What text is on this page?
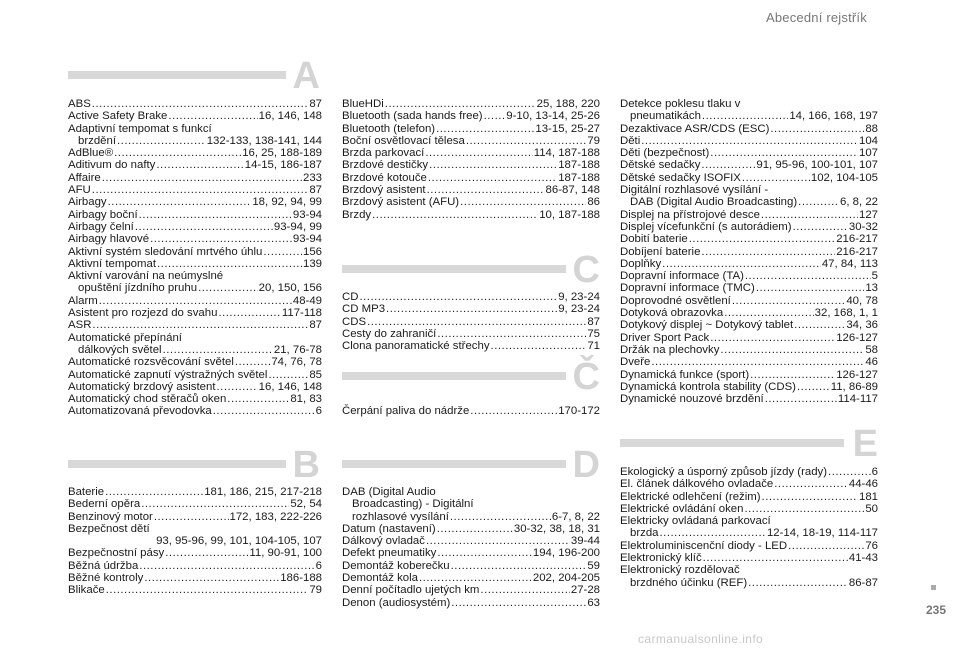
Abecední rejstřík
A
B
C
Č
D	E
ABS .....	87
Active Safety Brake .....	16, 146, 148
Adaptivní tempomat s funkcí
brzdění .....	132-133, 138-141, 144
AdBlue® .....	16, 25, 188-189
Aditivum do nafty .....	14-15, 186-187
Affaire .....	233
AFU .....	87
Airbagy .....	18, 92, 94, 99
Airbagy boční .....	93-94
Airbagy čelní .....	93-94, 99
Airbagy hlavové .....	93-94
Aktivní systém sledování mrtvého úhlu .....	156
Aktivní tempomat .....	139
Aktivní varování na neúmyslné
opuštění jízdního pruhu .....	20, 150, 156
Alarm .....	48-49
Asistent pro rozjezd do svahu .....	117-118
ASR .....	87
Automatické přepínání
dálkových světel .....	21, 76-78
Automatické rozsvěcování světel .....	74, 76, 78
Automatické zapnutí výstražných světel .....	85
Automatický brzdový asistent .....	16, 146, 148
Automatický chod stěračů oken .....	81, 83
Automatizovaná převodovka .....	6
Baterie .....	181, 186, 215, 217-218
Bederní opěra .....	52, 54
Benzinový motor .....	172, 183, 222-226
Bezpečnost dětí
93, 95-96, 99, 101, 104-105, 107
Bezpečnostní pásy .....	11, 90-91, 100
Běžná údržba .....	6
Běžné kontroly .....	186-188
Blikače .....	79
BlueHDi .....	25, 188, 220
Bluetooth (sada hands free) ..... 9-10, 13-14, 25-26
Bluetooth (telefon) .....	13-15, 25-27
Boční osvětlovací tělesa .....	79
Brzda parkovací .....	114, 187-188
Brzdové destičky .....	187-188
Brzdové kotouče .....	187-188
Brzdový asistent .....	86-87, 148
Brzdový asistent (AFU) .....	86
Brzdy .....	10, 187-188
CD .....	9, 23-24
CD MP3 .....	9, 23-24
CDS .....	87
Cesty do zahraničí .....	75
Clona panoramatické střechy .....	71
Čerpání paliva do nádrže .....	170-172
DAB (Digital Audio
Broadcasting) - Digitální
rozhlasové vysílání .....	6-7, 8, 22
Datum (nastavení) .....	30-32, 38, 18, 31
Dálkový ovladač .....	39-44
Defekt pneumatiky .....	194, 196-200
Demontáž koberečku .....	59
Demontáž kola .....	202, 204-205
Denní počítadlo ujetých km .....	27-28
Denon (audiosystém) .....	63
Detekce poklesu tlaku v
pneumatikách .....	14, 166, 168, 197
Dezaktivace ASR/CDS (ESC) .....	88
Děti .....	104
Děti (bezpečnost) .....	107
Dětské sedačky .....	91, 95-96, 100-101, 107
Dětské sedačky ISOFIX .....	102, 104-105
Digitální rozhlasové vysílání -
DAB (Digital Audio Broadcasting) .....	6, 8, 22
Displej na přístrojové desce .....	127
Displej vícefunkční (s autorádiem) .....	30-32
Dobití baterie .....	216-217
Dobíjení baterie .....	216-217
Doplňky .....	47, 84, 113
Dopravní informace (TA) .....	5
Dopravní informace (TMC) .....	13
Doprovodné osvětlení .....	40, 78
Dotyková obrazovka .....	32, 168, 1, 1
Dotykový displej ~ Dotykový tablet .....	34, 36
Driver Sport Pack .....	126-127
Držák na plechovky .....	58
Dveře .....	46
Dynamická funkce (sport) .....	126-127
Dynamická kontrola stability (CDS) .....	11, 86-89
Dynamické nouzové brzdění .....	114-117
Ekologický a úsporný způsob jízdy (rady) .....	6
El. článek dálkového ovladače .....	44-46
Elektrické odlehčení (režim) .....	181
Elektrické ovládání oken .....	50
Elektricky ovládaná parkovací
brzda .....	12-14, 18-19, 114-117
Elektroluminiscenční diody - LED .....	76
Elektronický klíč .....	41-43
Elektronický rozdělovač
brzdného účinku (REF) .....	86-87
235
carmanualsonline.info
